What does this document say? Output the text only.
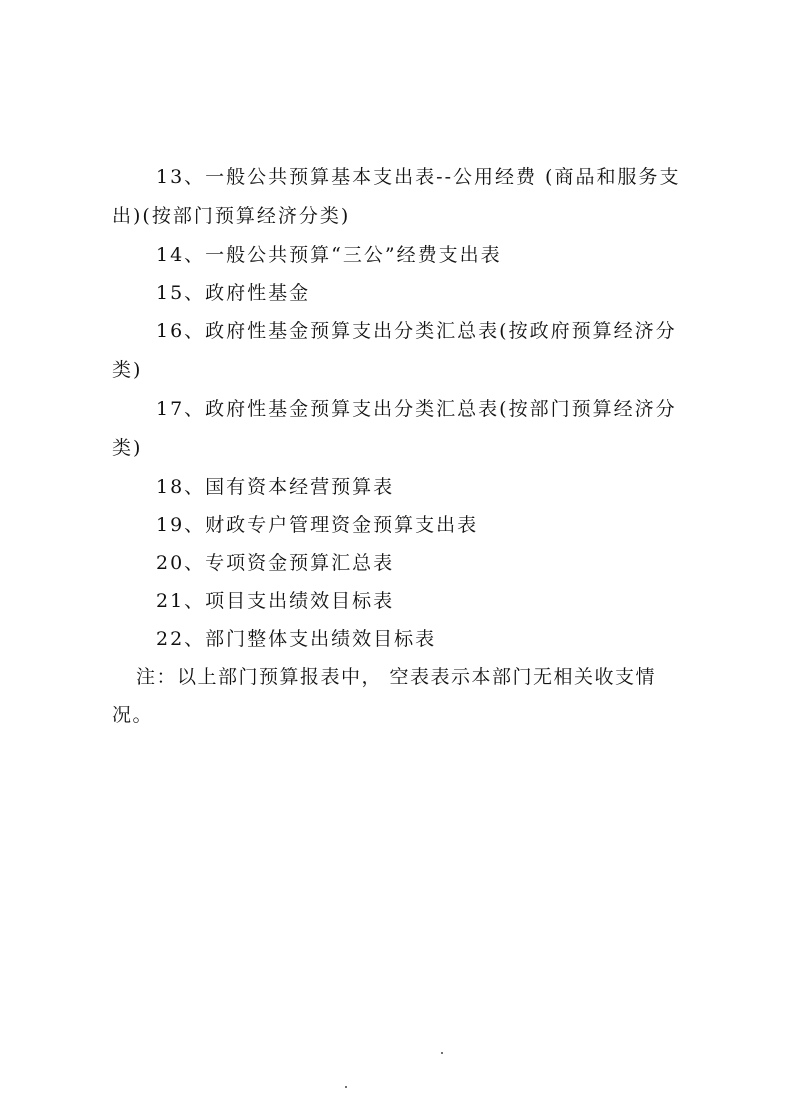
13、一般公共预算基本支出表--公用经费 (商品和服务支出)(按部门预算经济分类)

14、一般公共预算“三公”经费支出表

15、政府性基金

16、政府性基金预算支出分类汇总表(按政府预算经济分类)

17、政府性基金预算支出分类汇总表(按部门预算经济分类)

18、国有资本经营预算表

19、财政专户管理资金预算支出表

20、专项资金预算汇总表

21、项目支出绩效目标表

22、部门整体支出绩效目标表

注：以上部门预算报表中， 空表表示本部门无相关收支情况。
